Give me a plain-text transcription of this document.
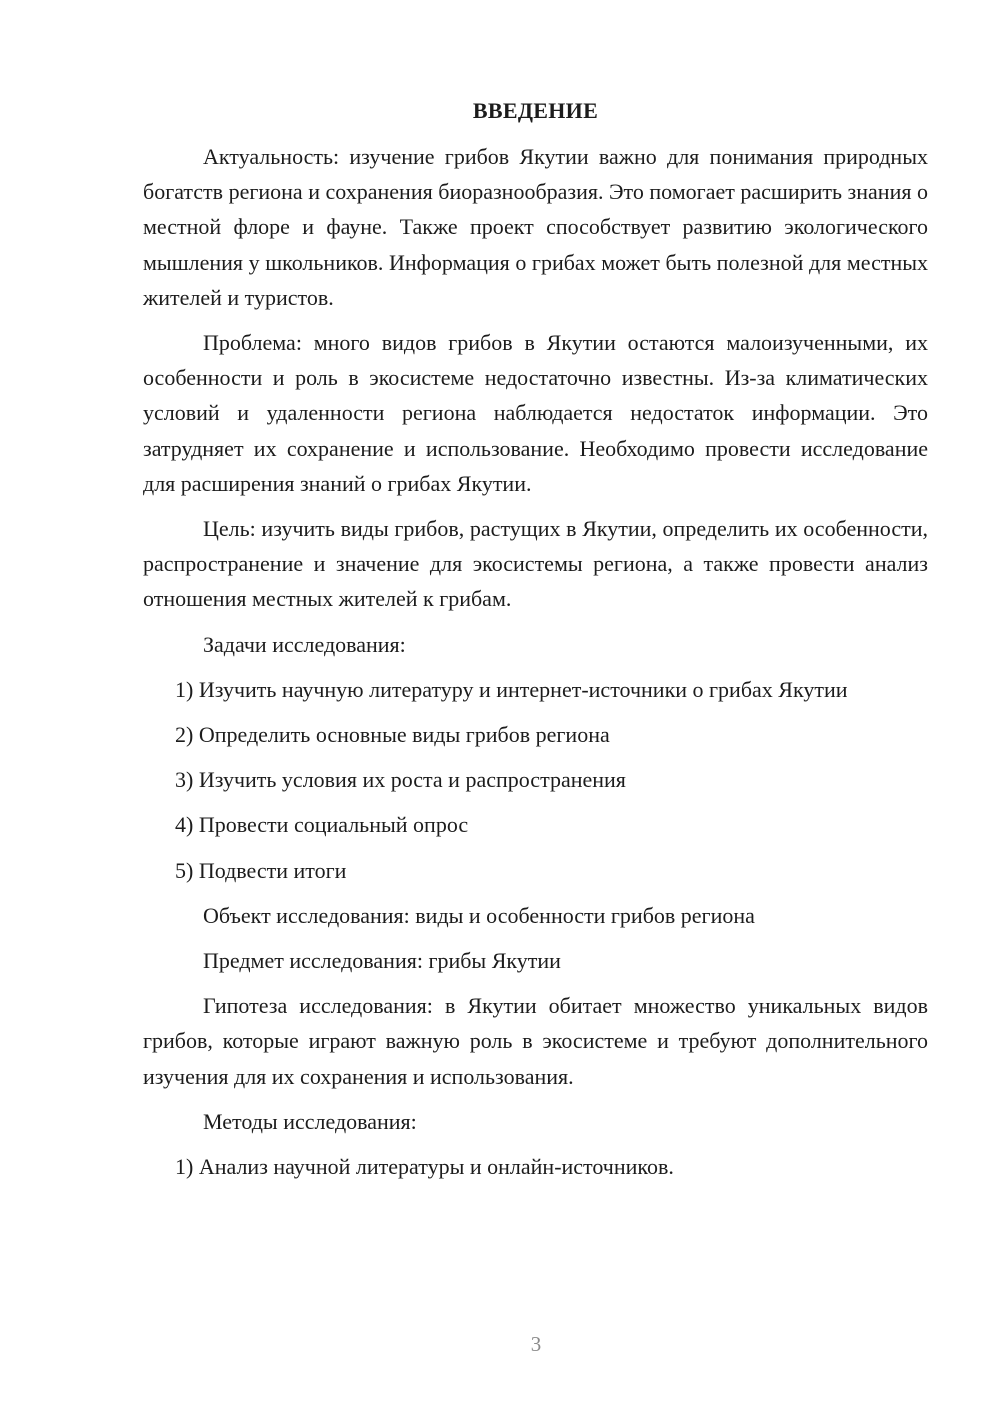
ВВЕДЕНИЕ
Актуальность: изучение грибов Якутии важно для понимания природных богатств региона и сохранения биоразнообразия. Это помогает расширить знания о местной флоре и фауне. Также проект способствует развитию экологического мышления у школьников. Информация о грибах может быть полезной для местных жителей и туристов.
Проблема: много видов грибов в Якутии остаются малоизученными, их особенности и роль в экосистеме недостаточно известны. Из-за климатических условий и удаленности региона наблюдается недостаток информации. Это затрудняет их сохранение и использование. Необходимо провести исследование для расширения знаний о грибах Якутии.
Цель: изучить виды грибов, растущих в Якутии, определить их особенности, распространение и значение для экосистемы региона, а также провести анализ отношения местных жителей к грибам.
Задачи исследования:
1) Изучить научную литературу и интернет-источники о грибах Якутии
2) Определить основные виды грибов региона
3) Изучить условия их роста и распространения
4) Провести социальный опрос
5) Подвести итоги
Объект исследования: виды и особенности грибов региона
Предмет исследования: грибы Якутии
Гипотеза исследования: в Якутии обитает множество уникальных видов грибов, которые играют важную роль в экосистеме и требуют дополнительного изучения для их сохранения и использования.
Методы исследования:
1) Анализ научной литературы и онлайн-источников.
3
